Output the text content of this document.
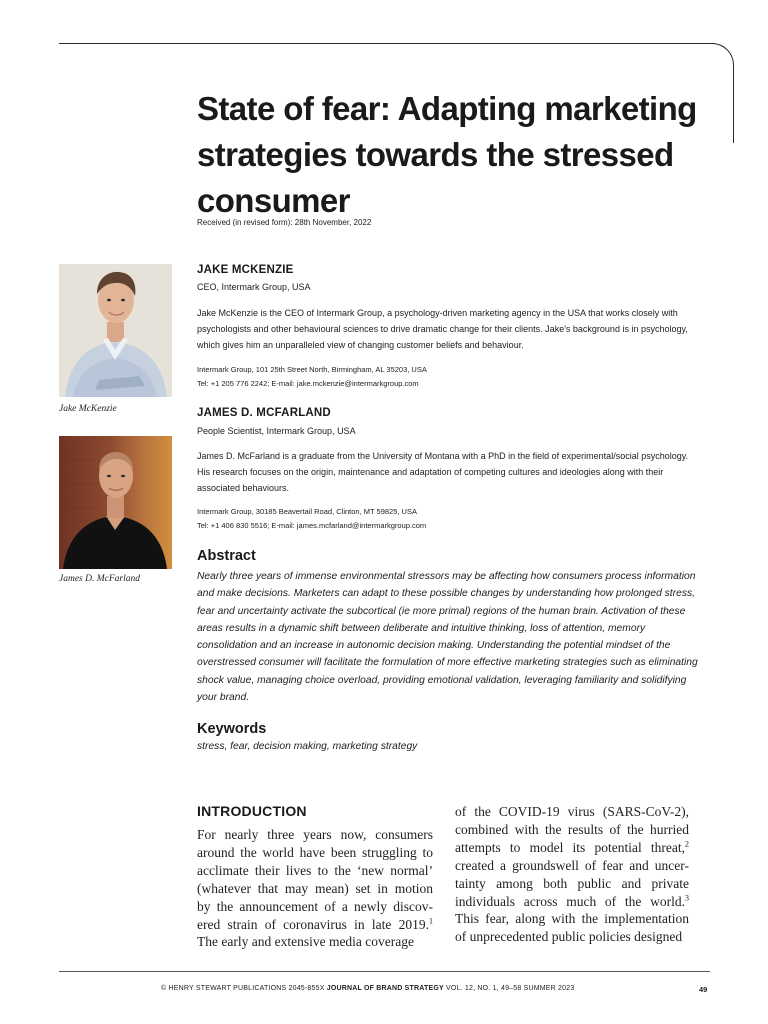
State of fear: Adapting marketing strategies towards the stressed consumer
Received (in revised form): 28th November, 2022
Jake McKenzie
JAKE MCKENZIE
CEO, Intermark Group, USA

Jake McKenzie is the CEO of Intermark Group, a psychology-driven marketing agency in the USA that works closely with psychologists and other behavioural sciences to drive dramatic change for their clients. Jake's background is in psychology, which gives him an unparalleled view of changing customer beliefs and behaviour.

Intermark Group, 101 25th Street North, Birmingham, AL 35203, USA
Tel: +1 205 776 2242; E-mail: jake.mckenzie@intermarkgroup.com
James D. McFarland
JAMES D. MCFARLAND
People Scientist, Intermark Group, USA

James D. McFarland is a graduate from the University of Montana with a PhD in the field of experimental/social psychology. His research focuses on the origin, maintenance and adaptation of competing cultures and ideologies along with their associated behaviours.

Intermark Group, 30185 Beavertail Road, Clinton, MT 59825, USA
Tel: +1 406 830 5516; E-mail: james.mcfarland@intermarkgroup.com
Abstract

Nearly three years of immense environmental stressors may be affecting how consumers process information and make decisions. Marketers can adapt to these possible changes by understanding how prolonged stress, fear and uncertainty activate the subcortical (ie more primal) regions of the human brain. Activation of these areas results in a dynamic shift between deliberate and intuitive thinking, loss of attention, memory consolidation and an increase in autonomic decision making. Understanding the potential mindset of the overstressed consumer will facilitate the formulation of more effective marketing strategies such as eliminating shock value, managing choice overload, providing emotional validation, leveraging familiarity and solidifying your brand.

Keywords
stress, fear, decision making, marketing strategy
INTRODUCTION
For nearly three years now, consumers
around the world have been struggling to
acclimate their lives to the ‘new normal’
(whatever that may mean) set in motion
by the announcement of a newly discov-
ered strain of coronavirus in late 2019.$^1$
The early and extensive media coverage
of the COVID-19 virus (SARS-CoV-2),
combined with the results of the hurried
attempts to model its potential threat,$^2$
created a groundswell of fear and uncer-
tainty among both public and private
individuals across much of the world.$^3$
This fear, along with the implementation
of unprecedented public policies designed
© HENRY STEWART PUBLICATIONS 2045-855X JOURNAL OF BRAND STRATEGY VOL. 12, NO. 1, 49–58 SUMMER 2023	49
